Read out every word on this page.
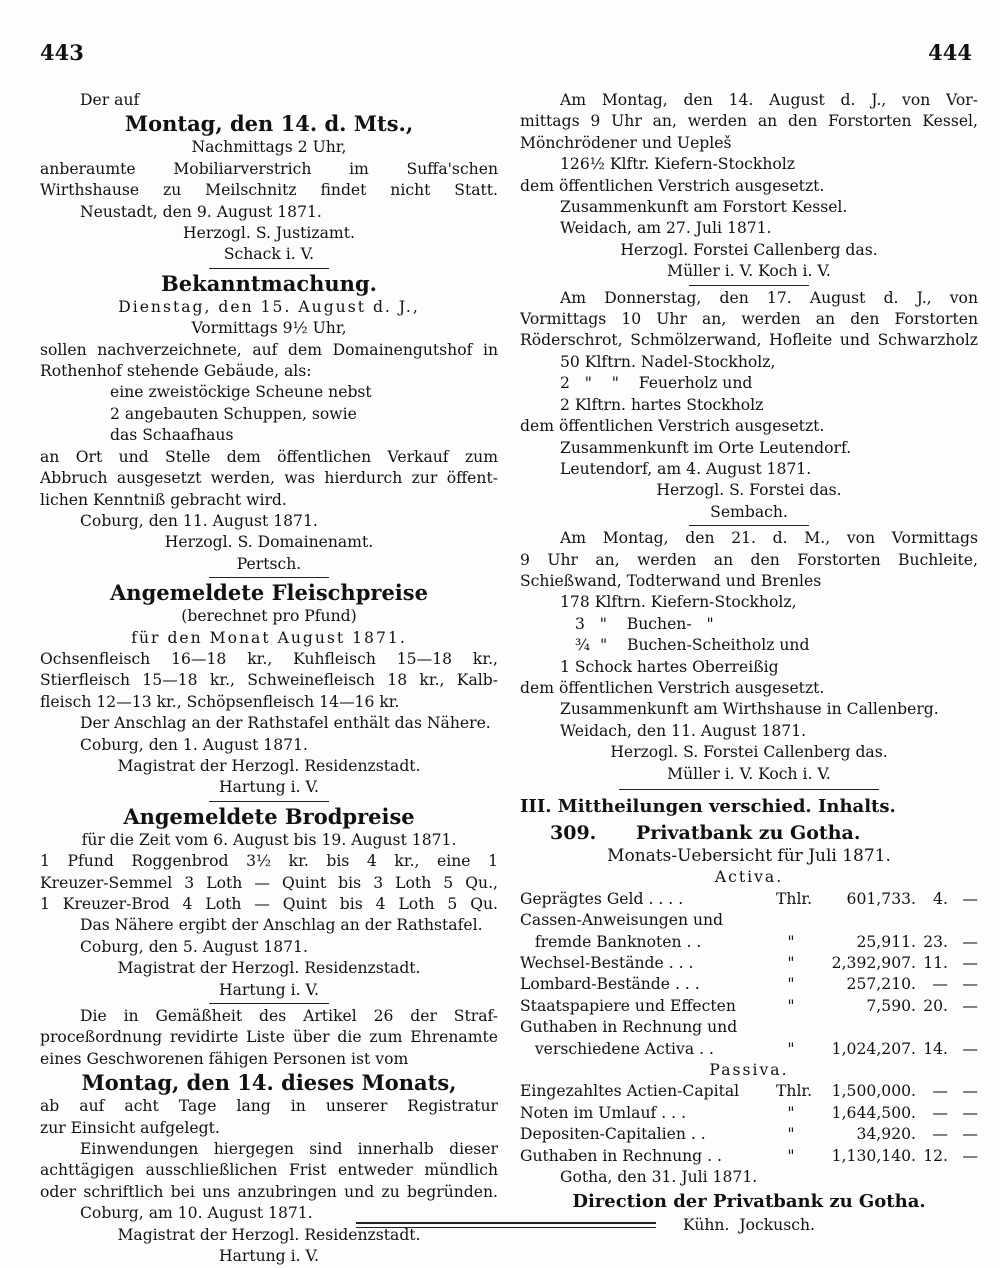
443	444
Der auf
Montag, den 14. d. Mts.,
Nachmittags 2 Uhr,
anberaumte Mobiliarverstrich im Suffa'schen
Wirthshause zu Meilschnitz findet nicht Statt.
Neustadt, den 9. August 1871.
Herzogl. S. Justizamt.
Schack i. V.
Bekanntmachung.
Dienstag, den 15. August d. J.,
Vormittags 9½ Uhr,
sollen nachverzeichnete, auf dem Domainengutshof in
Rothenhof stehende Gebäude, als:
eine zweistöckige Scheune nebst
2 angebauten Schuppen, sowie
das Schaafhaus
an Ort und Stelle dem öffentlichen Verkauf zum
Abbruch ausgesetzt werden, was hierdurch zur öffent-
lichen Kenntniß gebracht wird.
Coburg, den 11. August 1871.
Herzogl. S. Domainenamt.
Pertsch.
Angemeldete Fleischpreise
(berechnet pro Pfund)
für den Monat August 1871.
Ochsenfleisch 16—18 kr., Kuhfleisch 15—18 kr.,
Stierfleisch 15—18 kr., Schweinefleisch 18 kr., Kalb-
fleisch 12—13 kr., Schöpsenfleisch 14—16 kr.
Der Anschlag an der Rathstafel enthält das Nähere.
Coburg, den 1. August 1871.
Magistrat der Herzogl. Residenzstadt.
Hartung i. V.
Angemeldete Brodpreise
für die Zeit vom 6. August bis 19. August 1871.
1 Pfund Roggenbrod 3½ kr. bis 4 kr., eine 1
Kreuzer-Semmel 3 Loth — Quint bis 3 Loth 5 Qu.,
1 Kreuzer-Brod 4 Loth — Quint bis 4 Loth 5 Qu.
Das Nähere ergibt der Anschlag an der Rathstafel.
Coburg, den 5. August 1871.
Magistrat der Herzogl. Residenzstadt.
Hartung i. V.
Die in Gemäßheit des Artikel 26 der Straf-
proceßordnung revidirte Liste über die zum Ehrenamte
eines Geschworenen fähigen Personen ist vom
Montag, den 14. dieses Monats,
ab auf acht Tage lang in unserer Registratur
zur Einsicht aufgelegt.
Einwendungen hiergegen sind innerhalb dieser
achttägigen ausschließlichen Frist entweder mündlich
oder schriftlich bei uns anzubringen und zu begründen.
Coburg, am 10. August 1871.
Magistrat der Herzogl. Residenzstadt.
Hartung i. V.
Am Montag, den 14. August d. J., von Vor-
mittags 9 Uhr an, werden an den Forstorten Kessel,
Mönchrödener und Uepleš
126½ Klftr. Kiefern-Stockholz
dem öffentlichen Verstrich ausgesetzt.
Zusammenkunft am Forstort Kessel.
Weidach, am 27. Juli 1871.
Herzogl. Forstei Callenberg das.
Müller i. V. Koch i. V.
Am Donnerstag, den 17. August d. J., von
Vormittags 10 Uhr an, werden an den Forstorten
Röderschrot, Schmölzerwand, Hofleite und Schwarzholz
50 Klftrn. Nadel-Stockholz,
2   "    "    Feuerholz und
2 Klftrn. hartes Stockholz
dem öffentlichen Verstrich ausgesetzt.
Zusammenkunft im Orte Leutendorf.
Leutendorf, am 4. August 1871.
Herzogl. S. Forstei das.
Sembach.
Am Montag, den 21. d. M., von Vormittags
9 Uhr an, werden an den Forstorten Buchleite,
Schießwand, Todterwand und Brenles
178 Klftrn. Kiefern-Stockholz,
3   "    Buchen-   "
¾  "    Buchen-Scheitholz und
1 Schock hartes Oberreißig
dem öffentlichen Verstrich ausgesetzt.
Zusammenkunft am Wirthshause in Callenberg.
Weidach, den 11. August 1871.
Herzogl. S. Forstei Callenberg das.
Müller i. V. Koch i. V.
III. Mittheilungen verschied. Inhalts.
309.      Privatbank zu Gotha.
Monats-Uebersicht für Juli 1871.
Activa.
Geprägtes Geld . . . .	Thlr.	601,733.	4. —
Cassen-Anweisungen und
fremde Banknoten . .	"	25,911. 23. —
Wechsel-Bestände . . .	"	2,392,907. 11. —
Lombard-Bestände . . .	"	257,210.	— —
Staatspapiere und Effecten	"	7,590. 20. —
Guthaben in Rechnung und
verschiedene Activa . .	"	1,024,207. 14. —
Passiva.
Eingezahltes Actien-Capital	Thlr.	1,500,000.	— —
Noten im Umlauf . . .	"	1,644,500.	— —
Depositen-Capitalien . .	"	34,920.	— —
Guthaben in Rechnung . .	"	1,130,140. 12. —
Gotha, den 31. Juli 1871.
Direction der Privatbank zu Gotha.
Kühn.  Jockusch.
